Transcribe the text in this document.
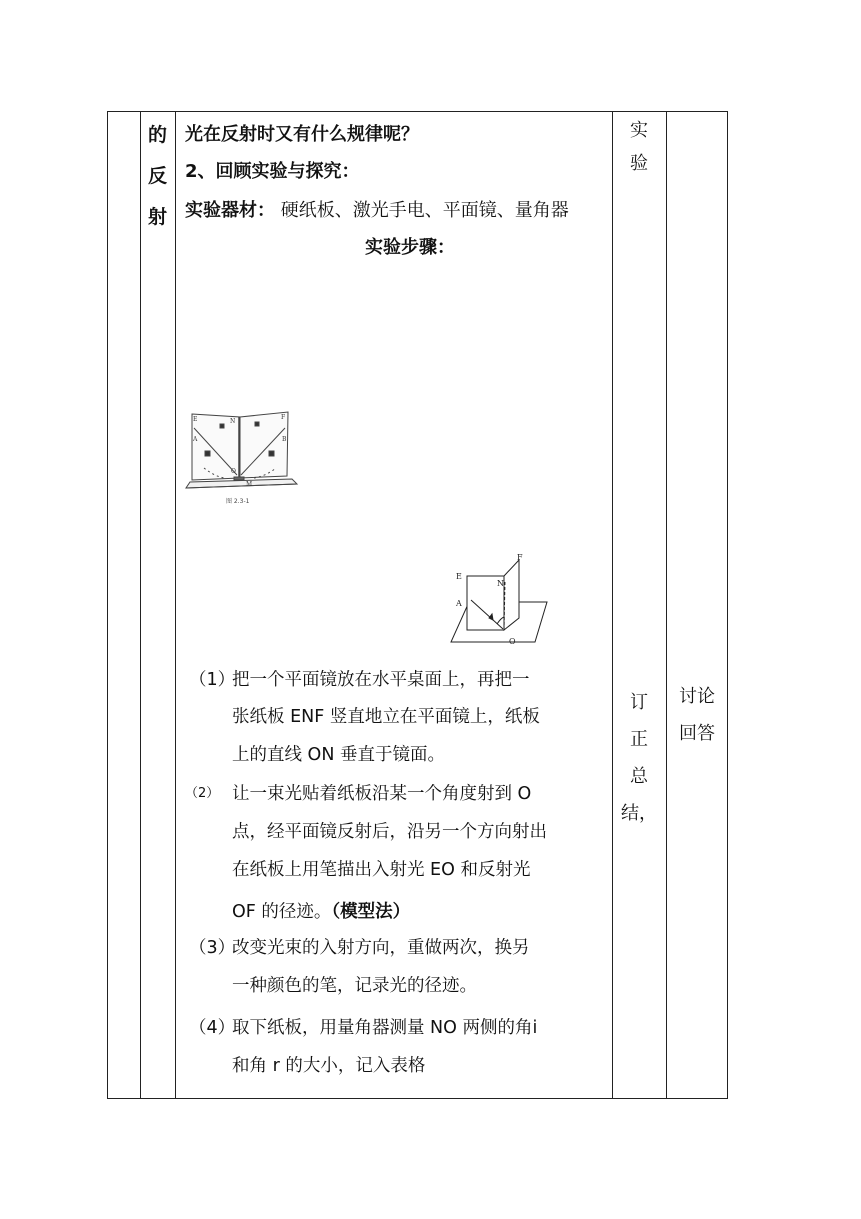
的
反
射
光在反射时又有什么规律呢？
2、回顾实验与探究：
实验器材： 硬纸板、激光手电、平面镜、量角器
实验步骤：
E	N
F
A	B
O
M
图 2.3-1
E
N
F
A
O
（1）
把一个平面镜放在水平桌面上，再把一
张纸板 ENF 竖直地立在平面镜上，纸板
上的直线 ON 垂直于镜面。
（2） 让一束光贴着纸板沿某一个角度射到 O
点，经平面镜反射后，沿另一个方向射出
在纸板上用笔描出入射光 EO 和反射光
OF 的径迹。（模型法）
（3）
改变光束的入射方向，重做两次，换另
一种颜色的笔，记录光的径迹。
（4）
取下纸板，用量角器测量 NO 两侧的角i
和角 r 的大小，记入表格
实
验
订
正
总
结，
讨论
回答
